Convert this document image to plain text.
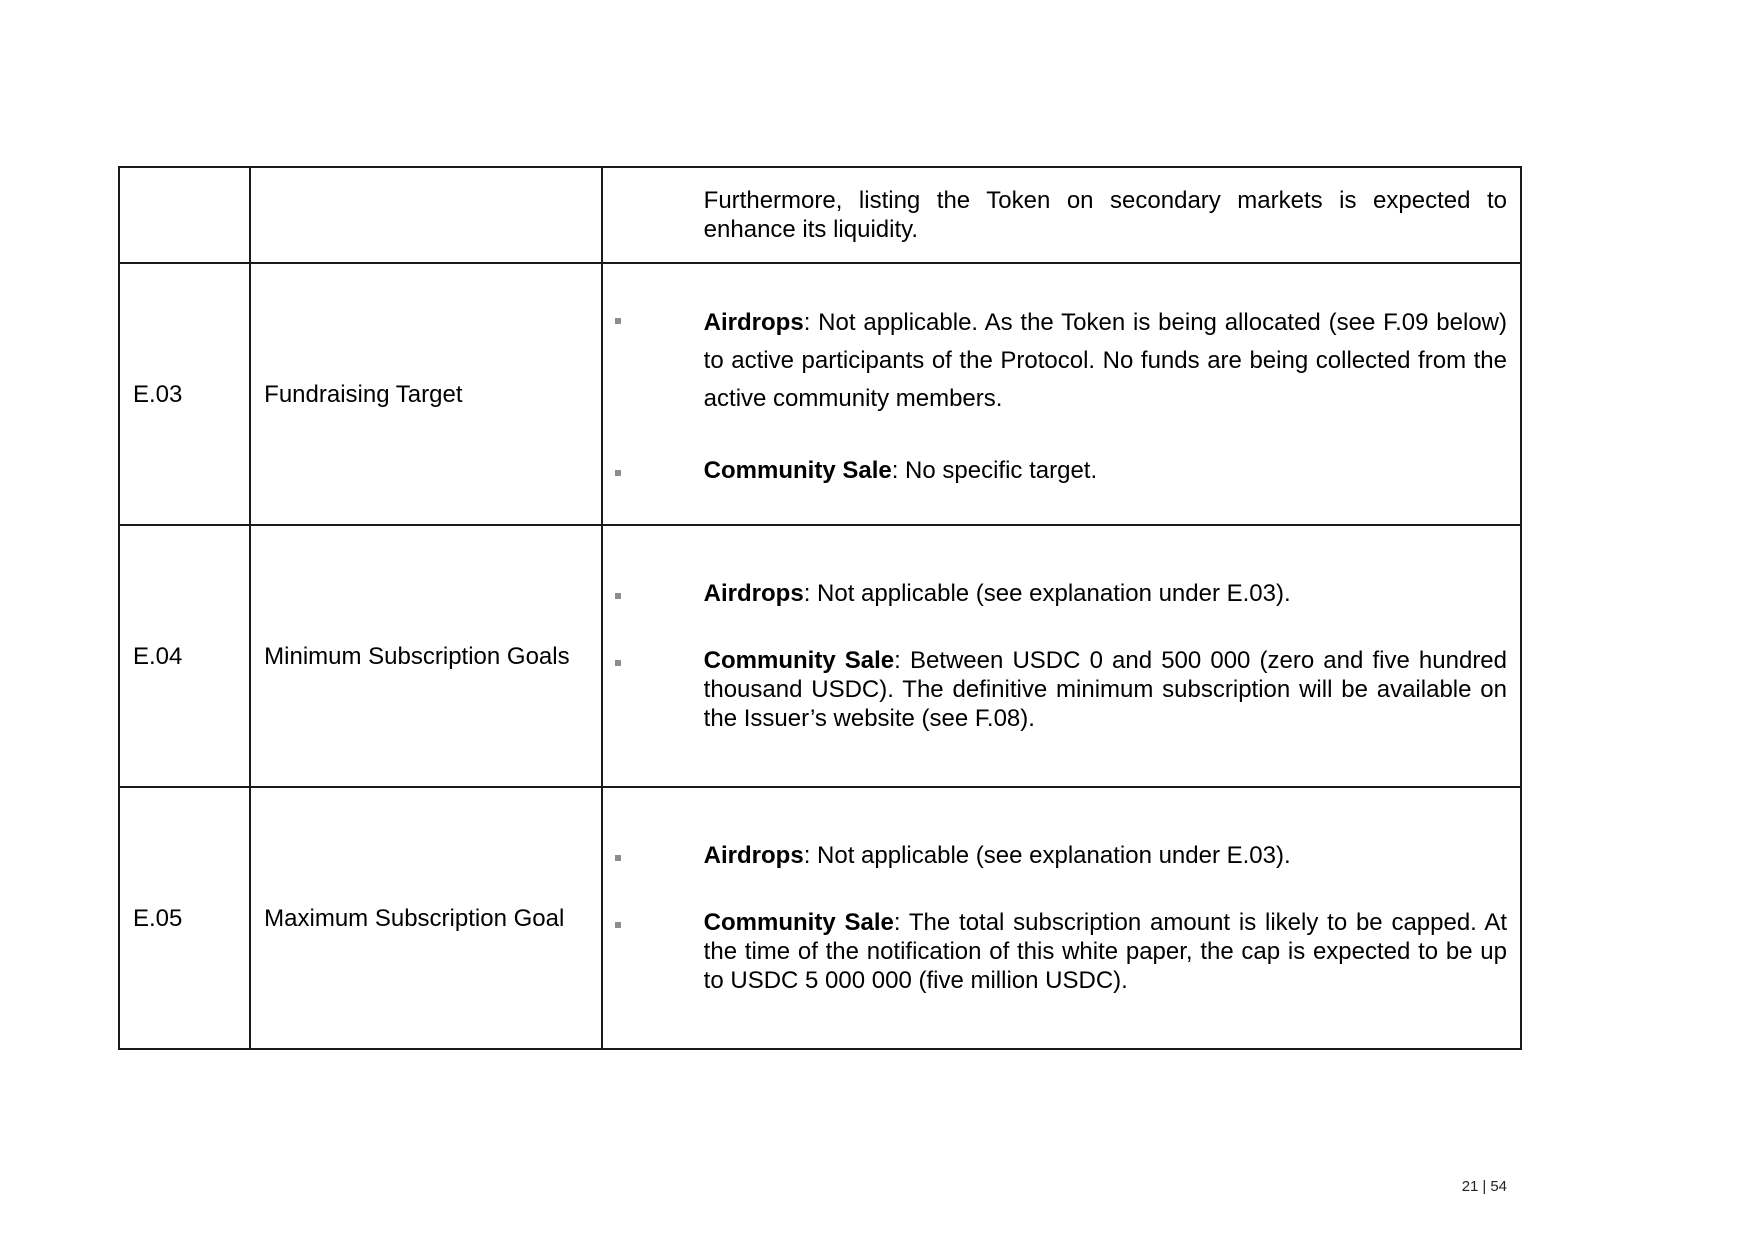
		Furthermore, listing the Token on secondary markets is expected to enhance its liquidity.

E.03	Fundraising Target	Airdrops: Not applicable. As the Token is being allocated (see F.09 below) to active participants of the Protocol. No funds are being collected from the active community members.
Community Sale: No specific target.

E.04	Minimum Subscription Goals	Airdrops: Not applicable (see explanation under E.03).
Community Sale: Between USDC 0 and 500 000 (zero and five hundred thousand USDC). The definitive minimum subscription will be available on the Issuer’s website (see F.08).

E.05	Maximum Subscription Goal	Airdrops: Not applicable (see explanation under E.03).
Community Sale: The total subscription amount is likely to be capped. At the time of the notification of this white paper, the cap is expected to be up to USDC 5 000 000 (five million USDC).
21 | 54
